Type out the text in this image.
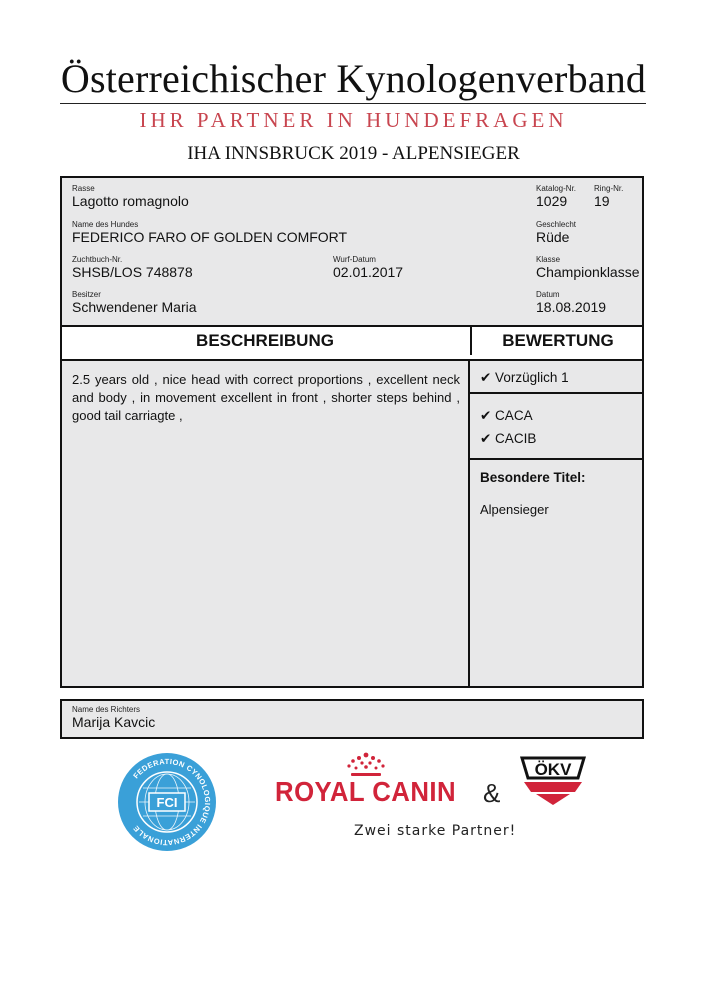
Österreichischer Kynologenverband
IHR PARTNER IN HUNDEFRAGEN
IHA INNSBRUCK 2019 - ALPENSIEGER
Rasse
Lagotto romagnolo
Katalog-Nr.
1029
Ring-Nr.
19
Name des Hundes
FEDERICO FARO OF GOLDEN COMFORT
Geschlecht
Rüde
Zuchtbuch-Nr.
SHSB/LOS 748878
Wurf-Datum
02.01.2017
Klasse
Championklasse
Besitzer
Schwendener Maria
Datum
18.08.2019
BESCHREIBUNG	BEWERTUNG
2.5 years old , nice head with correct proportions , excellent neck and body , in movement excellent in front , shorter steps behind , good tail carriagte ,
✔ Vorzüglich 1
✔ CACA
✔ CACIB
Besondere Titel:
Alpensieger
Name des Richters
Marija Kavcic
FCI
FEDERATION CYNOLOGIQUE INTERNATIONALE
ROYAL CANIN &
ÖKV
Zwei starke Partner!
